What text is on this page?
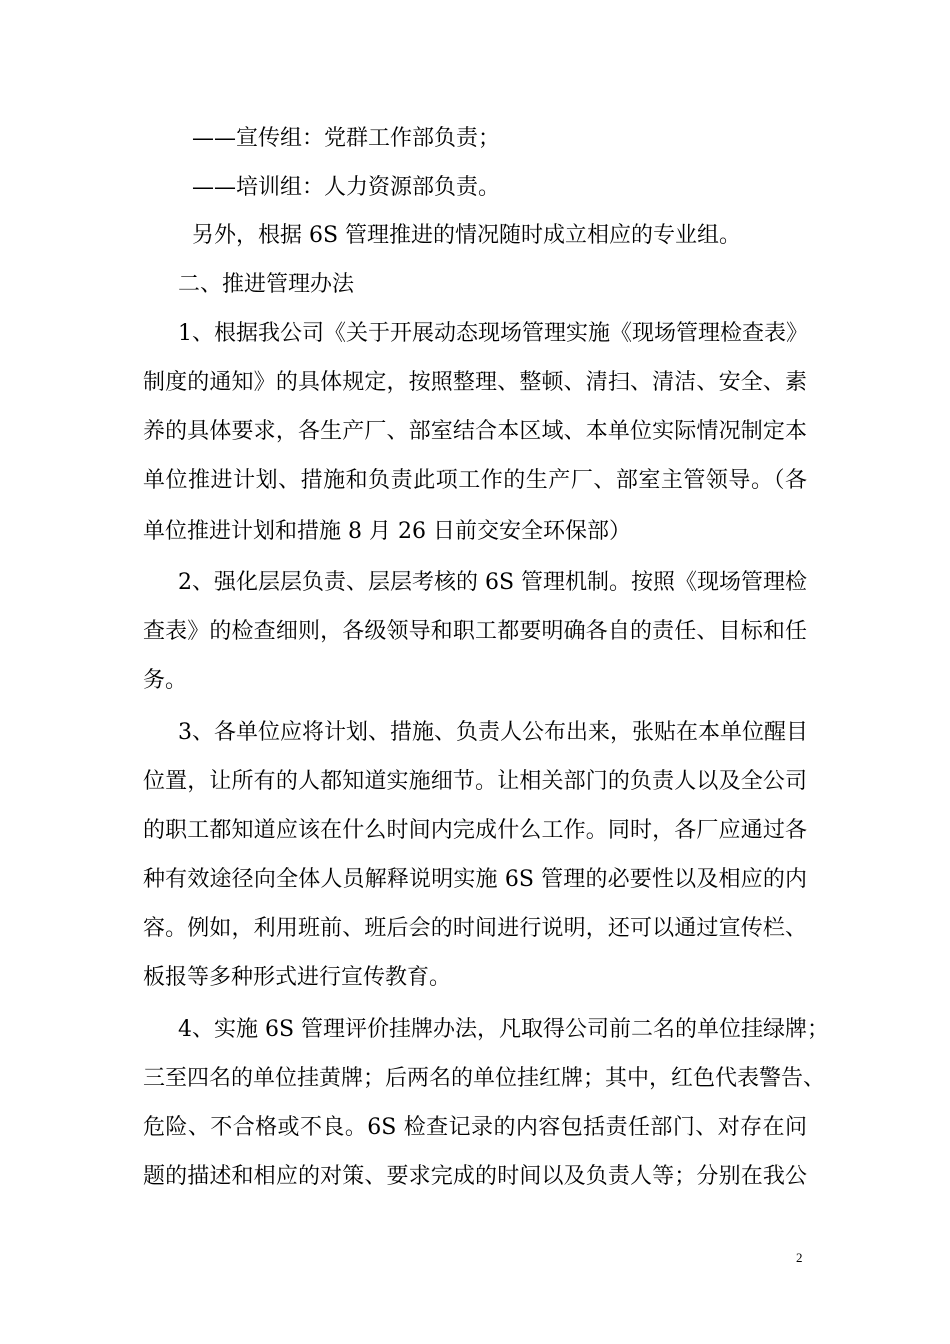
——宣传组：党群工作部负责；
——培训组：人力资源部负责。
另外，根据 6S 管理推进的情况随时成立相应的专业组。
二、推进管理办法
1、根据我公司《关于开展动态现场管理实施《现场管理检查表》
制度的通知》的具体规定，按照整理、整顿、清扫、清洁、安全、素
养的具体要求，各生产厂、部室结合本区域、本单位实际情况制定本
单位推进计划、措施和负责此项工作的生产厂、部室主管领导。（各
单位推进计划和措施 8 月 26 日前交安全环保部）
2、强化层层负责、层层考核的 6S 管理机制。按照《现场管理检
查表》的检查细则，各级领导和职工都要明确各自的责任、目标和任
务。
3、各单位应将计划、措施、负责人公布出来，张贴在本单位醒目
位置，让所有的人都知道实施细节。让相关部门的负责人以及全公司
的职工都知道应该在什么时间内完成什么工作。同时，各厂应通过各
种有效途径向全体人员解释说明实施 6S 管理的必要性以及相应的内
容。例如，利用班前、班后会的时间进行说明，还可以通过宣传栏、
板报等多种形式进行宣传教育。
4、实施 6S 管理评价挂牌办法，凡取得公司前二名的单位挂绿牌；
三至四名的单位挂黄牌；后两名的单位挂红牌；其中，红色代表警告、
危险、不合格或不良。6S 检查记录的内容包括责任部门、对存在问
题的描述和相应的对策、要求完成的时间以及负责人等；分别在我公
2
